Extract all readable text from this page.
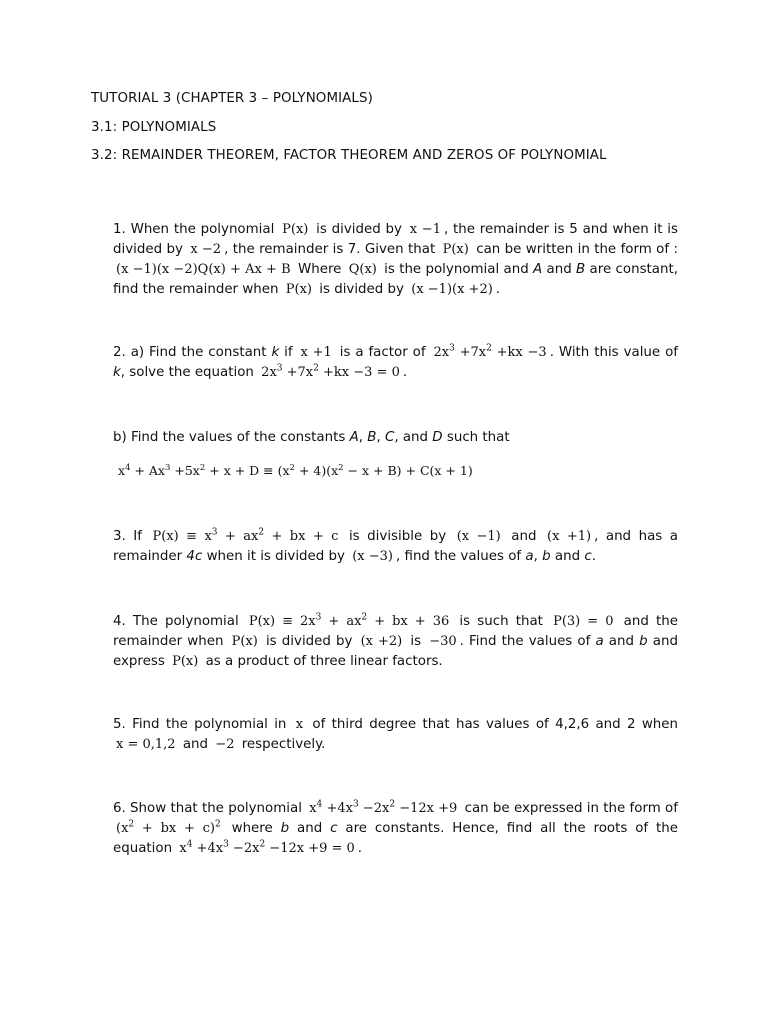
TUTORIAL 3 (CHAPTER 3 – POLYNOMIALS)
3.1: POLYNOMIALS
3.2: REMAINDER THEOREM, FACTOR THEOREM AND ZEROS OF POLYNOMIAL

1. When the polynomial P(x) is divided by x −1 , the remainder is 5 and when it is divided by x −2 , the remainder is 7. Given that P(x) can be written in the form of : (x −1)(x −2)Q(x) + Ax + B Where Q(x) is the polynomial and A and B are constant, find the remainder when P(x) is divided by (x −1)(x +2) .

2. a) Find the constant k if x +1 is a factor of $2x^3 +7x^2 +kx -3$ . With this value of k, solve the equation $2x^3 +7x^2 +kx -3 = 0$ .

b) Find the values of the constants A, B, C, and D such that

$x^4 + Ax^3 +5x^2 + x + D \equiv (x^2 + 4)(x^2 - x + B) + C(x + 1)$

3. If $P(x) \equiv x^3 + ax^2$ + bx + c is divisible by (x −1) and (x +1) , and has a remainder 4c when it is divided by (x −3) , find the values of a, b and c.

4. The polynomial $P(x) \equiv 2x^3 + ax^2$ + bx + 36 is such that P(3) = 0 and the remainder when P(x) is divided by (x +2) is −30 . Find the values of a and b and express P(x) as a product of three linear factors.

5. Find the polynomial in x of third degree that has values of 4,2,6 and 2 when x = 0,1,2 and −2 respectively.

6. Show that the polynomial $x^4 +4x^3 -2x^2 -12x +9$ can be expressed in the form of ($x^2$ + bx + c)$^2$ where b and c are constants. Hence, find all the roots of the equation $x^4 +4x^3 -2x^2 -12x +9 = 0$ .
